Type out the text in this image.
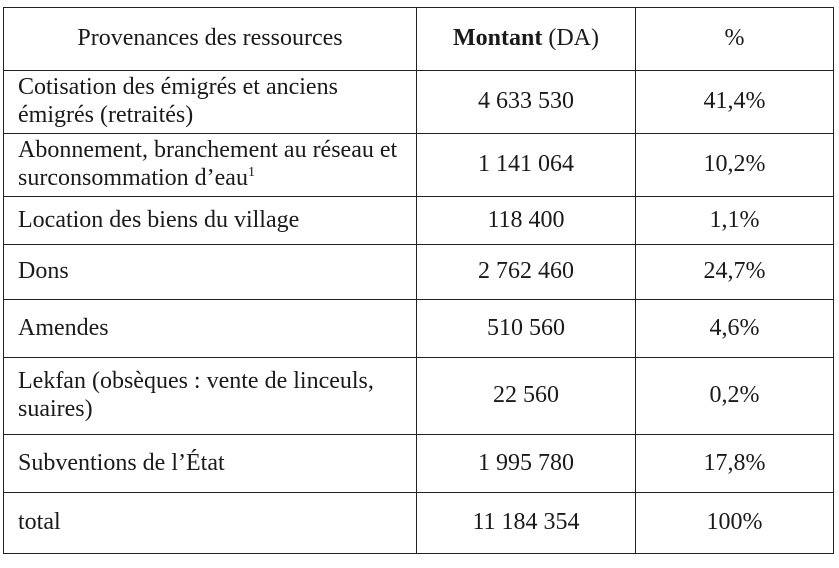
Provenances des ressources	Montant (DA)	%
Cotisation des émigrés et anciens émigrés (retraités)	4 633 530	41,4%
Abonnement, branchement au réseau et surconsommation d’eau$^1$	1 141 064	10,2%
Location des biens du village	118 400	1,1%
Dons	2 762 460	24,7%
Amendes	510 560	4,6%
Lekfan (obsèques : vente de linceuls, suaires)	22 560	0,2%
Subventions de l’État	1 995 780	17,8%
total	11 184 354	100%
